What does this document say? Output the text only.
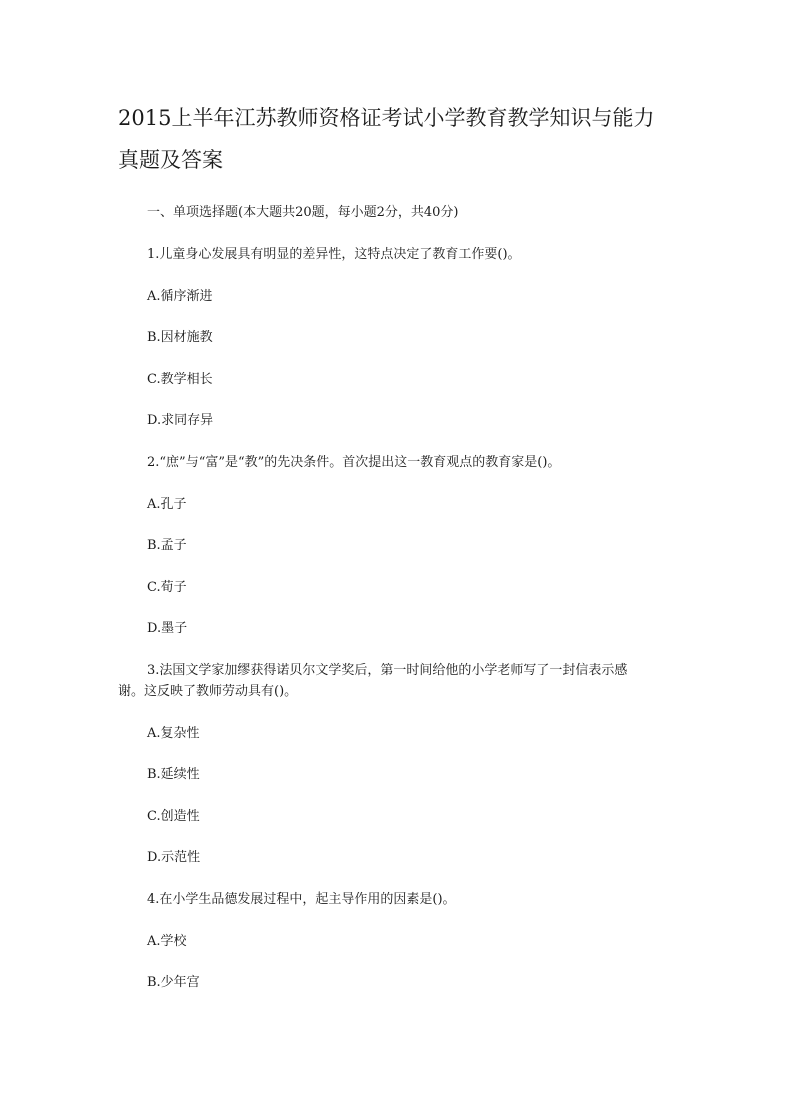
2015上半年江苏教师资格证考试小学教育教学知识与能力
真题及答案

一、单项选择题(本大题共20题，每小题2分，共40分)

1.儿童身心发展具有明显的差异性，这特点决定了教育工作要()。

A.循序渐进

B.因材施教

C.教学相长

D.求同存异

2.“庶”与“富”是“教”的先决条件。首次提出这一教育观点的教育家是()。

A.孔子

B.孟子

C.荀子

D.墨子

3.法国文学家加缪获得诺贝尔文学奖后，第一时间给他的小学老师写了一封信表示感

谢。这反映了教师劳动具有()。

A.复杂性

B.延续性

C.创造性

D.示范性

4.在小学生品德发展过程中，起主导作用的因素是()。

A.学校

B.少年宫
